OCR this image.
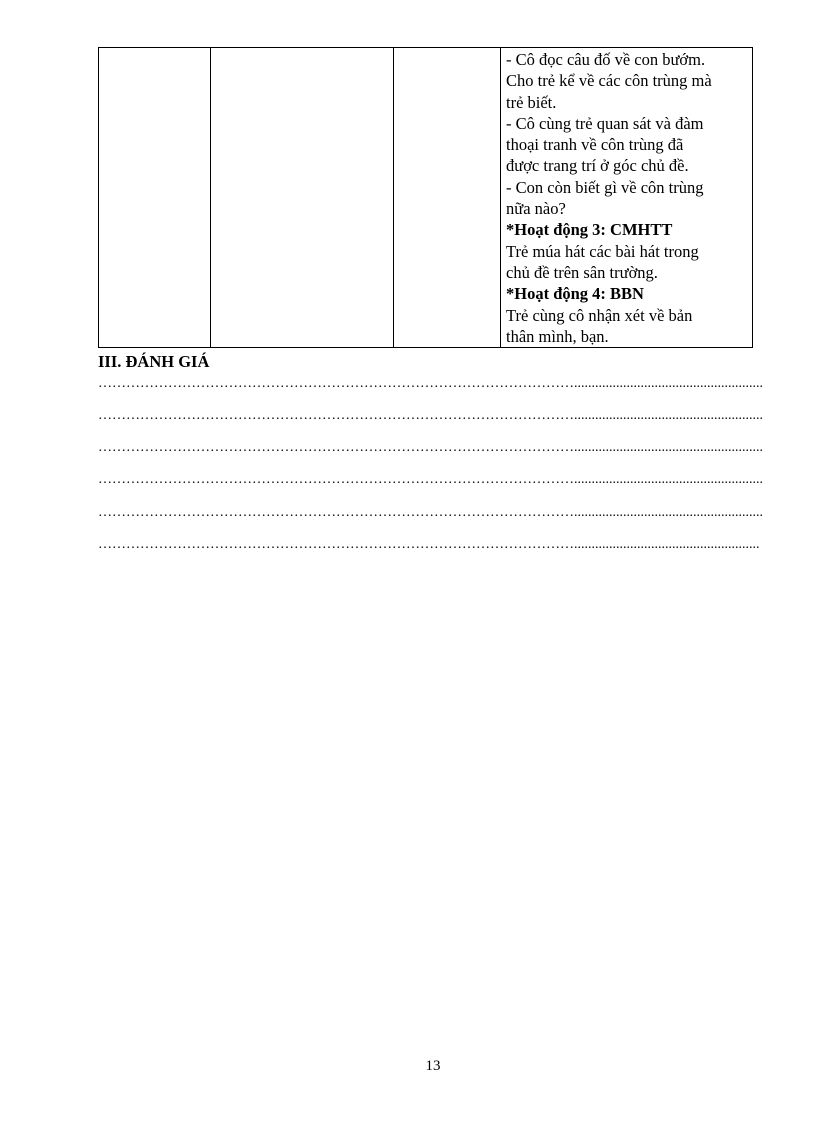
- Cô đọc câu đố về con bướm.
Cho trẻ kể về các côn trùng mà
trẻ biết.
- Cô cùng trẻ quan sát và đàm
thoại tranh về côn trùng đã
được trang trí ở góc chủ đề.
- Con còn biết gì về côn trùng
nữa nào?
*Hoạt động 3: CMHTT
Trẻ múa hát các bài hát trong
chủ đề trên sân trường.
*Hoạt động 4: BBN
Trẻ cùng cô nhận xét về bản
thân mình, bạn.
III. ĐÁNH GIÁ
…………………………………………………………………………………………......................................................
…………………………………………………………………………………………......................................................
…………………………………………………………………………………………......................................................
…………………………………………………………………………………………......................................................
…………………………………………………………………………………………......................................................
………………………………………………………………………………………….....................................................
13
